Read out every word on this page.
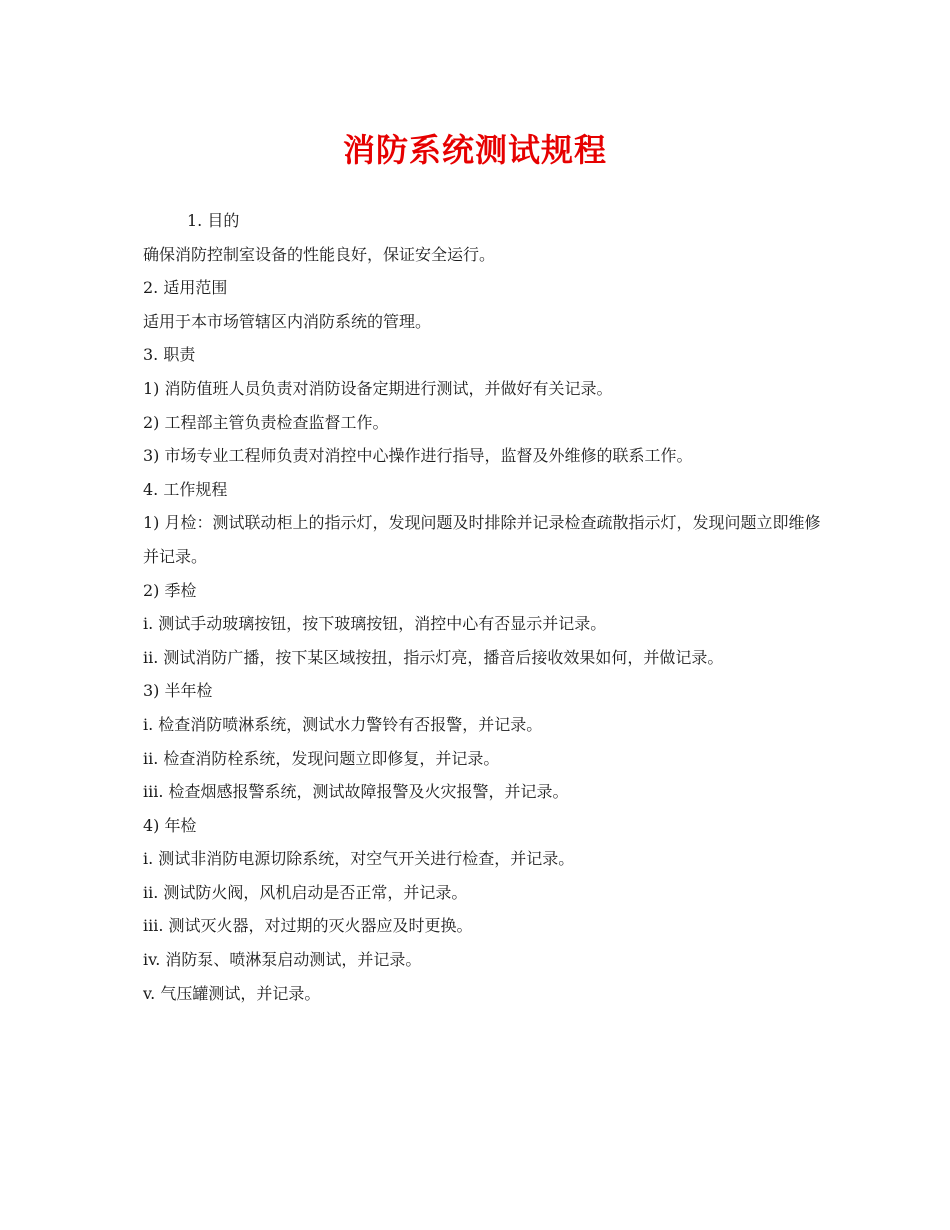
消防系统测试规程
1. 目的
确保消防控制室设备的性能良好，保证安全运行。
2. 适用范围
适用于本市场管辖区内消防系统的管理。
3. 职责
1) 消防值班人员负责对消防设备定期进行测试，并做好有关记录。
2) 工程部主管负责检查监督工作。
3) 市场专业工程师负责对消控中心操作进行指导，监督及外维修的联系工作。
4. 工作规程
1) 月检：测试联动柜上的指示灯，发现问题及时排除并记录检查疏散指示灯，发现问题立即维修并记录。
2) 季检
i. 测试手动玻璃按钮，按下玻璃按钮，消控中心有否显示并记录。
ii. 测试消防广播，按下某区域按扭，指示灯亮，播音后接收效果如何，并做记录。
3) 半年检
i. 检查消防喷淋系统，测试水力警铃有否报警，并记录。
ii. 检查消防栓系统，发现问题立即修复，并记录。
iii. 检查烟感报警系统，测试故障报警及火灾报警，并记录。
4) 年检
i. 测试非消防电源切除系统，对空气开关进行检查，并记录。
ii. 测试防火阀，风机启动是否正常，并记录。
iii. 测试灭火器，对过期的灭火器应及时更换。
iv. 消防泵、喷淋泵启动测试，并记录。
v. 气压罐测试，并记录。
